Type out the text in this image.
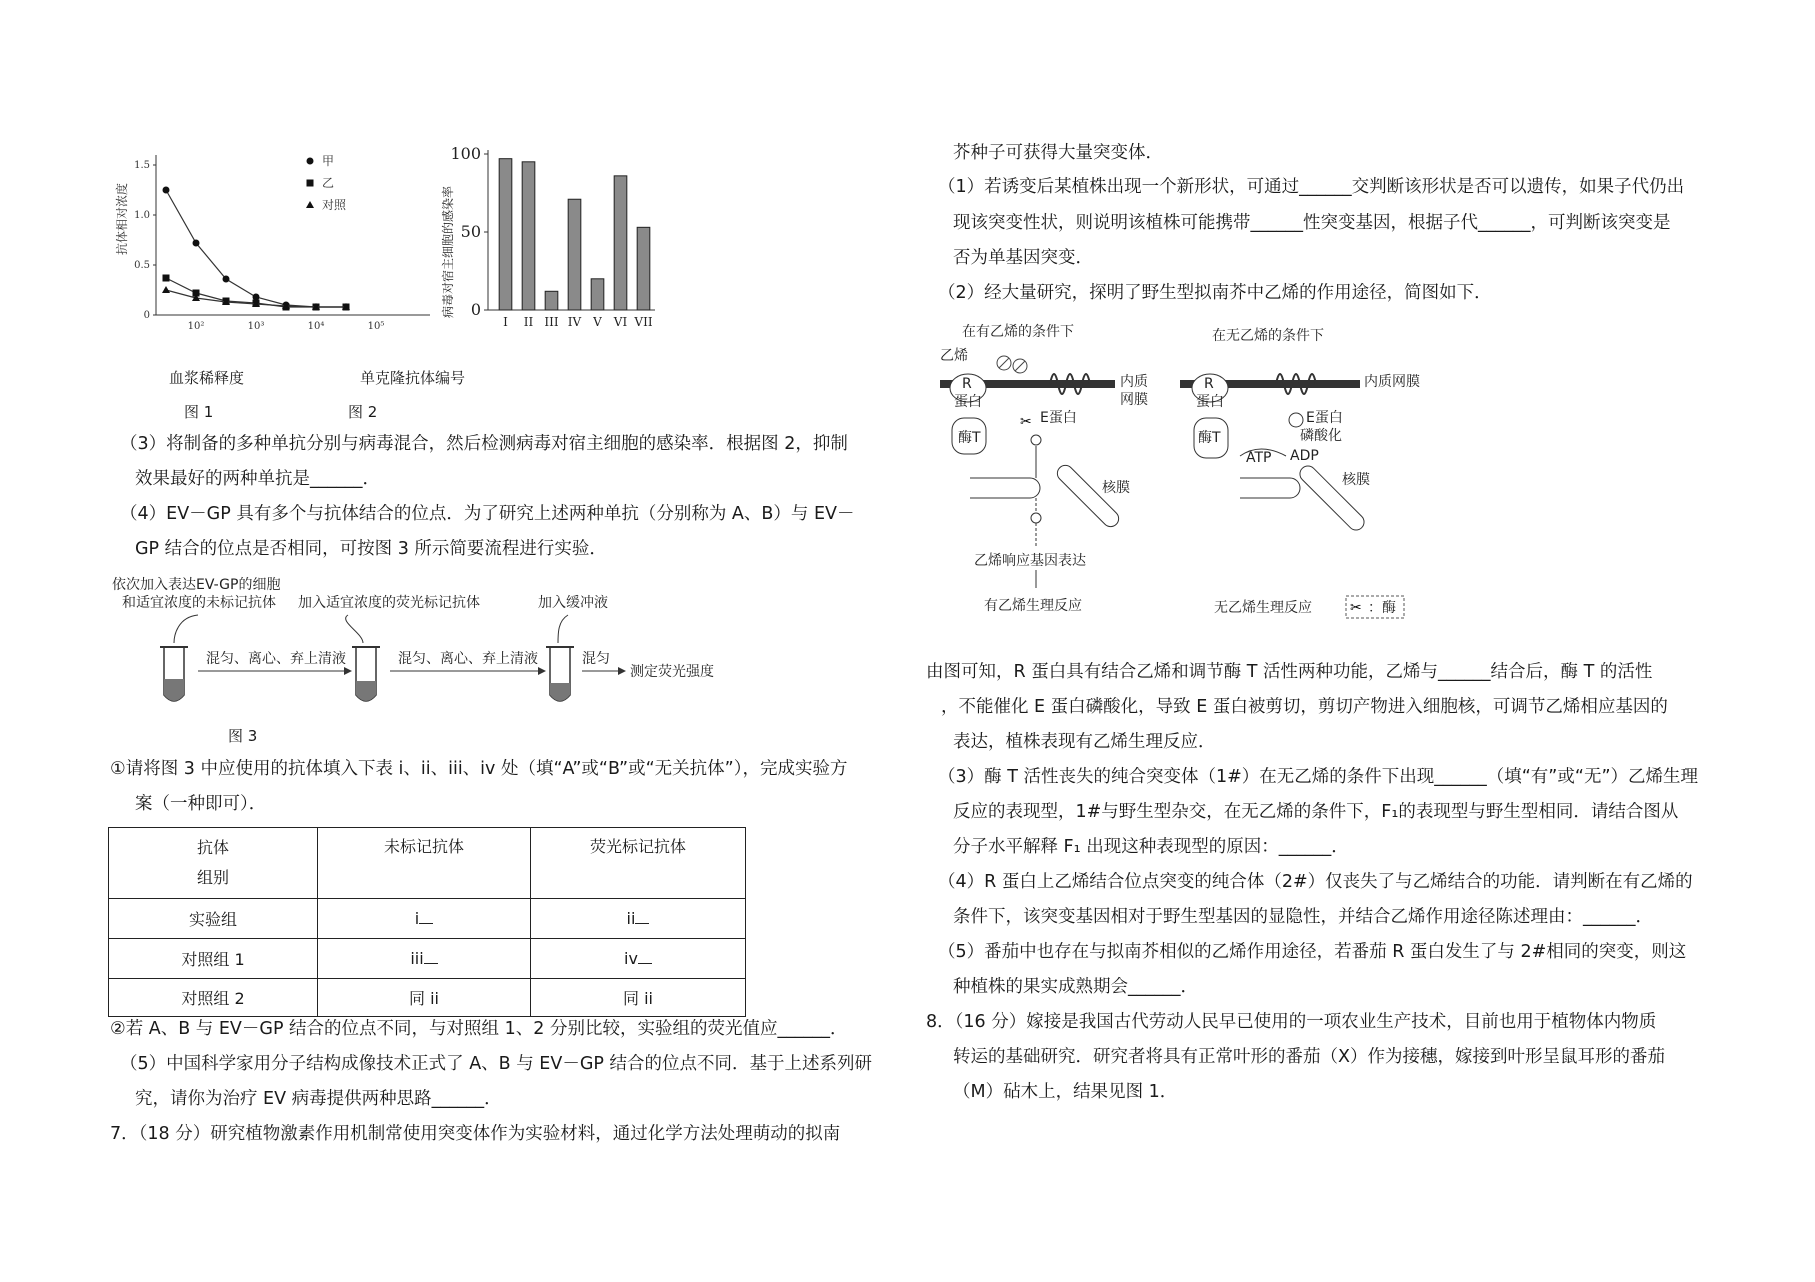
1.5
1.0
0.5
0
10²	10³	10⁴	10⁵
抗体相对浓度
甲
乙
对照
血浆稀释度
图 1
100
50
0
病毒对宿主细胞的感染率
I II III IV V VI VII
单克隆抗体编号
图 2
（3）将制备的多种单抗分别与病毒混合，然后检测病毒对宿主细胞的感染率．根据图 2，抑制
效果最好的两种单抗是______．
（4）EV－GP 具有多个与抗体结合的位点．为了研究上述两种单抗（分别称为 A、B）与 EV－
GP 结合的位点是否相同，可按图 3 所示简要流程进行实验．
依次加入表达EV-GP的细胞
和适宜浓度的未标记抗体 加入适宜浓度的荧光标记抗体	加入缓冲液
混匀、离心、弃上清液	混匀、离心、弃上清液	混匀
测定荧光强度
图 3
①请将图 3 中应使用的抗体填入下表 i、ii、iii、iv 处（填“A”或“B”或“无关抗体”），完成实验方
案（一种即可）．
抗体
组别	未标记抗体	荧光标记抗体
实验组	i	ii
对照组 1	iii	iv
对照组 2	同 ii	同 ii
②若 A、B 与 EV－GP 结合的位点不同，与对照组 1、2 分别比较，实验组的荧光值应______．
（5）中国科学家用分子结构成像技术正式了 A、B 与 EV－GP 结合的位点不同．基于上述系列研
究，请你为治疗 EV 病毒提供两种思路______．
7．（18 分）研究植物激素作用机制常使用突变体作为实验材料，通过化学方法处理萌动的拟南
芥种子可获得大量突变体．
（1）若诱变后某植株出现一个新形状，可通过______交判断该形状是否可以遗传，如果子代仍出
现该突变性状，则说明该植株可能携带______性突变基因，根据子代______，可判断该突变是
否为单基因突变．
（2）经大量研究，探明了野生型拟南芥中乙烯的作用途径，简图如下．
在有乙烯的条件下
乙烯
内质
网膜
R
蛋白
酶T
E蛋白
✂
核膜
乙烯响应基因表达
有乙烯生理反应
在无乙烯的条件下
内质网膜
R
蛋白
酶T
E蛋白
磷酸化
ATP ADP
核膜
无乙烯生理反应	✂ ：酶
由图可知，R 蛋白具有结合乙烯和调节酶 T 活性两种功能，乙烯与______结合后，酶 T 的活性
，不能催化 E 蛋白磷酸化，导致 E 蛋白被剪切，剪切产物进入细胞核，可调节乙烯相应基因的
表达，植株表现有乙烯生理反应．
（3）酶 T 活性丧失的纯合突变体（1#）在无乙烯的条件下出现______（填“有”或“无”）乙烯生理
反应的表现型，1#与野生型杂交，在无乙烯的条件下，F₁的表现型与野生型相同．请结合图从
分子水平解释 F₁ 出现这种表现型的原因：______．
（4）R 蛋白上乙烯结合位点突变的纯合体（2#）仅丧失了与乙烯结合的功能．请判断在有乙烯的
条件下，该突变基因相对于野生型基因的显隐性，并结合乙烯作用途径陈述理由：______．
（5）番茄中也存在与拟南芥相似的乙烯作用途径，若番茄 R 蛋白发生了与 2#相同的突变，则这
种植株的果实成熟期会______．
8．（16 分）嫁接是我国古代劳动人民早已使用的一项农业生产技术，目前也用于植物体内物质
转运的基础研究．研究者将具有正常叶形的番茄（X）作为接穗，嫁接到叶形呈鼠耳形的番茄
（M）砧木上，结果见图 1．
